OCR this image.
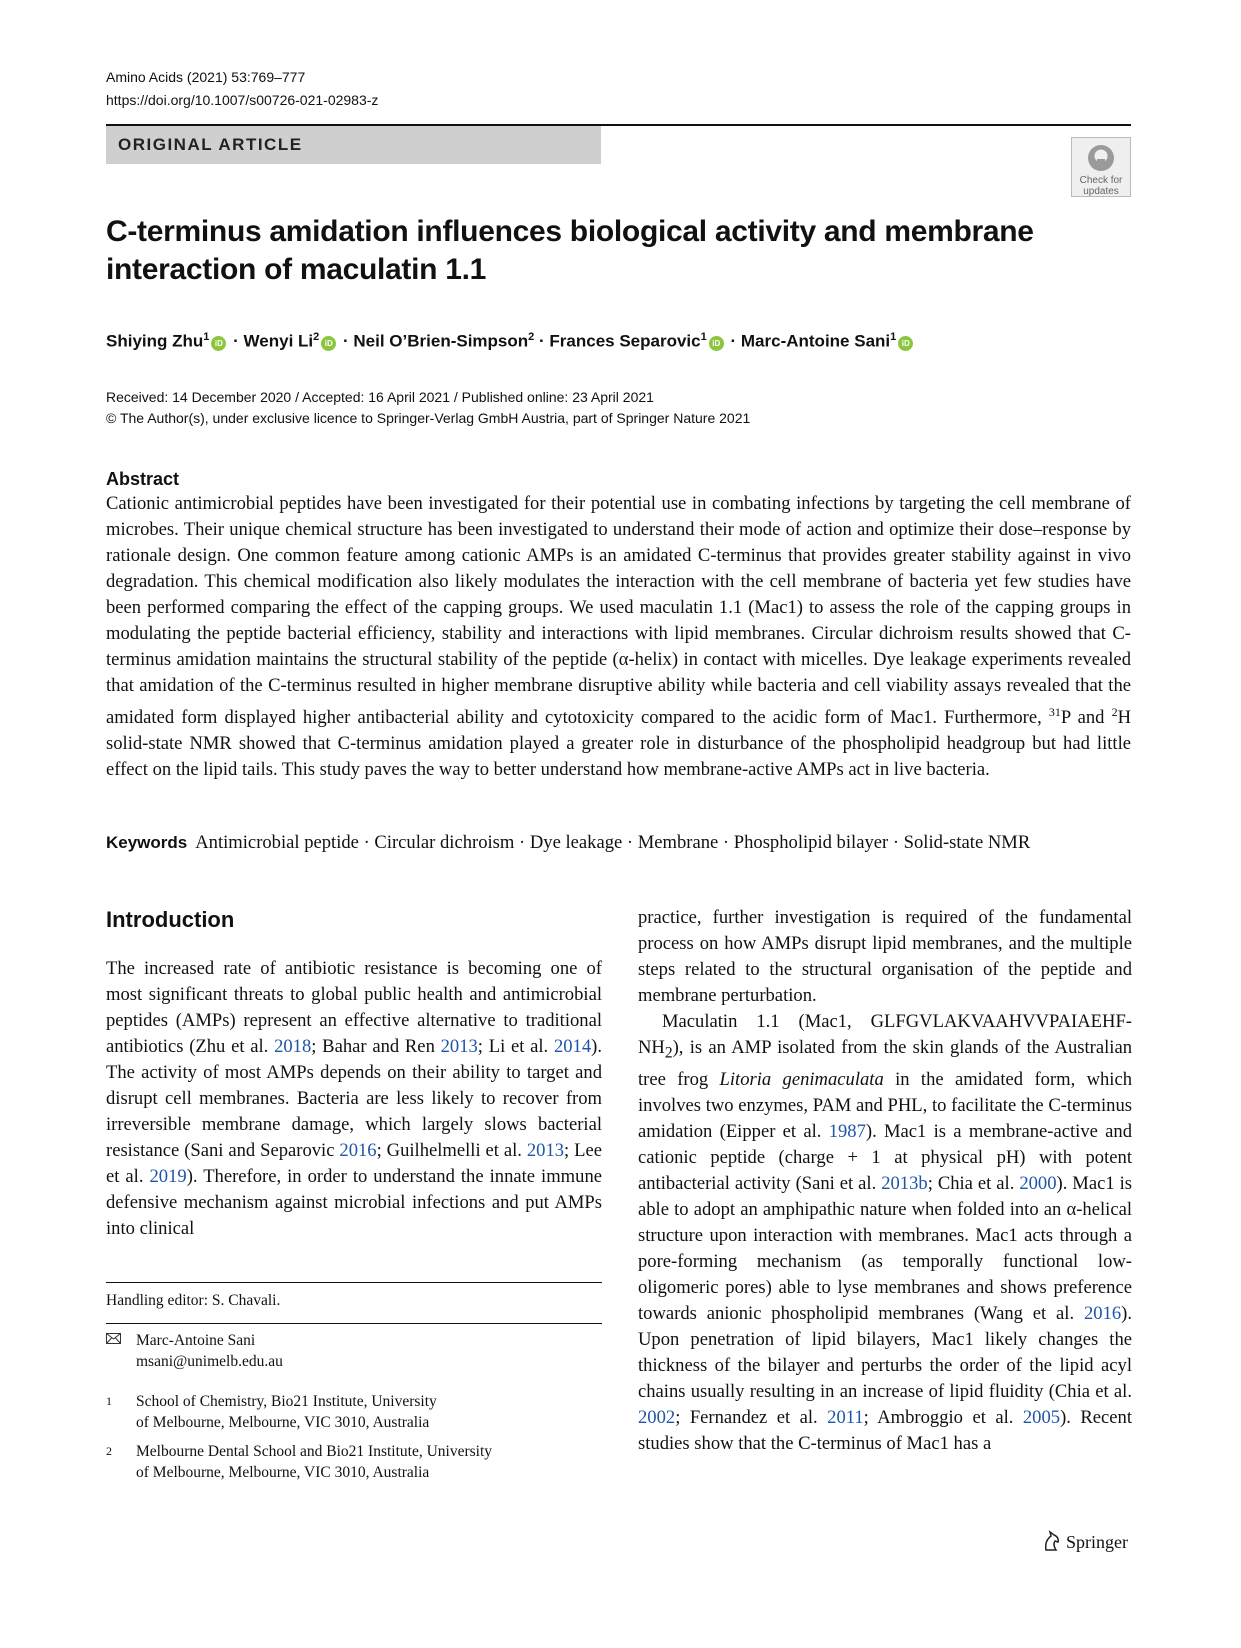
Amino Acids (2021) 53:769–777
https://doi.org/10.1007/s00726-021-02983-z
ORIGINAL ARTICLE
Check for
updates
C-terminus amidation influences biological activity and membrane interaction of maculatin 1.1
Shiying Zhu$^1$iD · Wenyi $Li^2iD$ · Neil O’Brien-Simpson$^2$ · Frances Separovic$^1$iD · Marc-Antoine Sani$^1$iD
Received: 14 December 2020 / Accepted: 16 April 2021 / Published online: 23 April 2021
© The Author(s), under exclusive licence to Springer-Verlag GmbH Austria, part of Springer Nature 2021
Abstract
Cationic antimicrobial peptides have been investigated for their potential use in combating infections by targeting the cell membrane of microbes. Their unique chemical structure has been investigated to understand their mode of action and optimize their dose–response by rationale design. One common feature among cationic AMPs is an amidated C-terminus that provides greater stability against in vivo degradation. This chemical modification also likely modulates the interaction with the cell membrane of bacteria yet few studies have been performed comparing the effect of the capping groups. We used maculatin 1.1 (Mac1) to assess the role of the capping groups in modulating the peptide bacterial efficiency, stability and interactions with lipid membranes. Circular dichroism results showed that C-terminus amidation maintains the structural stability of the peptide (α-helix) in contact with micelles. Dye leakage experiments revealed that amidation of the C-terminus resulted in higher membrane disruptive ability while bacteria and cell viability assays revealed that the amidated form displayed higher antibacterial ability and cytotoxicity compared to the acidic form of Mac1. Furthermore, $^{31}$P and $^2$H solid-state NMR showed that C-terminus amidation played a greater role in disturbance of the phospholipid headgroup but had little effect on the lipid tails. This study paves the way to better understand how membrane-active AMPs act in live bacteria.
Keywords Antimicrobial peptide · Circular dichroism · Dye leakage · Membrane · Phospholipid bilayer · Solid-state NMR
Introduction
The increased rate of antibiotic resistance is becoming one of most significant threats to global public health and antimicrobial peptides (AMPs) represent an effective alternative to traditional antibiotics (Zhu et al. 2018; Bahar and Ren 2013; Li et al. 2014). The activity of most AMPs depends on their ability to target and disrupt cell membranes. Bacteria are less likely to recover from irreversible membrane damage, which largely slows bacterial resistance (Sani and Separovic 2016; Guilhelmelli et al. 2013; Lee et al. 2019). Therefore, in order to understand the innate immune defensive mechanism against microbial infections and put AMPs into clinical

practice, further investigation is required of the fundamental process on how AMPs disrupt lipid membranes, and the multiple steps related to the structural organisation of the peptide and membrane perturbation.

Maculatin 1.1 (Mac1, GLFGVLAKVAAHVVPAIAEHF-$NH_2$), is an AMP isolated from the skin glands of the Australian tree frog Litoria genimaculata in the amidated form, which involves two enzymes, PAM and PHL, to facilitate the C-terminus amidation (Eipper et al. 1987). Mac1 is a membrane-active and cationic peptide (charge + 1 at physical pH) with potent antibacterial activity (Sani et al. 2013b; Chia et al. 2000). Mac1 is able to adopt an amphipathic nature when folded into an α-helical structure upon interaction with membranes. Mac1 acts through a pore-forming mechanism (as temporally functional low-oligomeric pores) able to lyse membranes and shows preference towards anionic phospholipid membranes (Wang et al. 2016). Upon penetration of lipid bilayers, Mac1 likely changes the thickness of the bilayer and perturbs the order of the lipid acyl chains usually resulting in an increase of lipid fluidity (Chia et al. 2002; Fernandez et al. 2011; Ambroggio et al. 2005). Recent studies show that the C-terminus of Mac1 has a

Handling editor: S. Chavali.
Marc-Antoine Sani
msani@unimelb.edu.au
1	School of Chemistry, Bio21 Institute, University
of Melbourne, Melbourne, VIC 3010, Australia
2	Melbourne Dental School and Bio21 Institute, University
of Melbourne, Melbourne, VIC 3010, Australia
Springer
